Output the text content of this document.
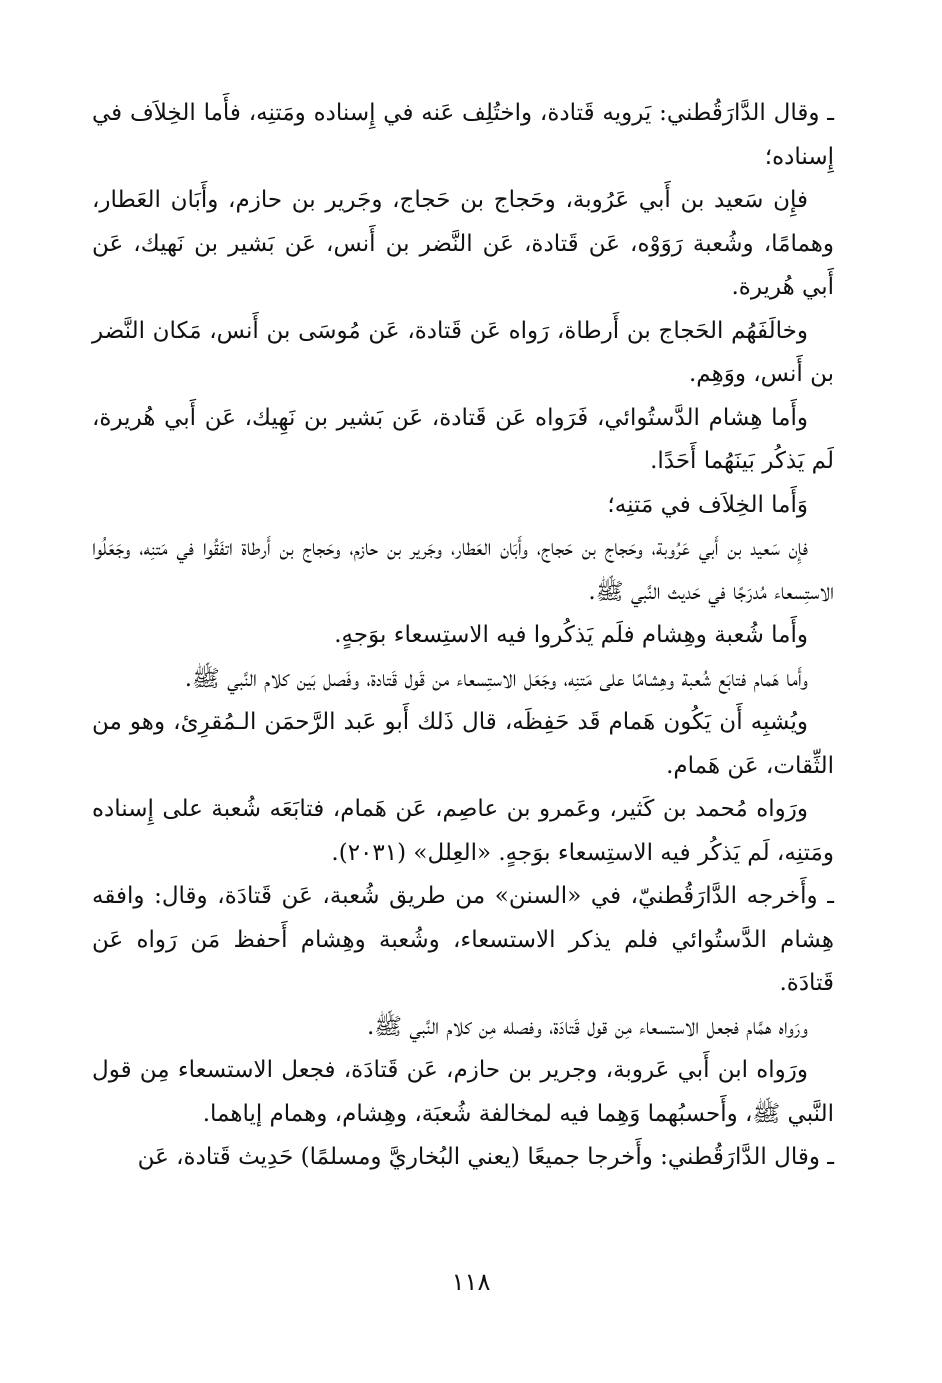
ـ وقال الدَّارَقُطني: يَرويه قَتادة، واختُلِف عَنه في إِسناده ومَتنِه، فأَما الخِلاَف في إِسناده؛

فإِن سَعيد بن أَبي عَرُوبة، وحَجاج بن حَجاج، وجَرير بن حازم، وأَبَان العَطار، وهمامًا، وشُعبة رَوَوْه، عَن قَتادة، عَن النَّضر بن أَنس، عَن بَشير بن نَهيك، عَن أَبي هُريرة.

وخالَفَهُم الحَجاج بن أَرطاة، رَواه عَن قَتادة، عَن مُوسَى بن أَنس، مَكان النَّضر بن أَنس، ووَهِم.

وأَما هِشام الدَّستُوائي، فَرَواه عَن قَتادة، عَن بَشير بن نَهِيك، عَن أَبي هُريرة، لَم يَذكُر بَينَهُما أَحَدًا.

وَأَما الخِلاَف في مَتنِه؛

فإِن سَعيد بن أَبي عَرُوبة، وحَجاج بن حَجاج، وأَبَان العَطار، وجَرير بن حازم، وحَجاج بن أَرطاة اتفَقُوا في مَتنِه، وجَعَلُوا الاستِسعاء مُدرَجًا في حَديث النَّبي ﷺ.

وأَما شُعبة وهِشام فلَم يَذكُروا فيه الاستِسعاء بوَجهٍ.

وأَما هَمام فتابَع شُعبة وهِشامًا على مَتنِه، وجَعَل الاستِسعاء من قَول قَتادة، وفَصل بَين كلام النَّبي ﷺ.

ويُشبِه أَن يَكُون هَمام قَد حَفِظَه، قال ذَلك أَبو عَبد الرَّحمَن الـمُقرِئ، وهو من الثِّقات، عَن هَمام.

ورَواه مُحمد بن كَثير، وعَمرو بن عاصِم، عَن هَمام، فتابَعَه شُعبة على إِسناده ومَتنِه، لَم يَذكُر فيه الاستِسعاء بوَجهٍ. «العِلل» (٢٠٣١).

ـ وأَخرجه الدَّارَقُطنيّ، في «السنن» من طريق شُعبة، عَن قَتادَة، وقال: وافقه هِشام الدَّستُوائي فلم يذكر الاستسعاء، وشُعبة وهِشام أَحفظ مَن رَواه عَن قَتادَة.

ورَواه همَّام فجعل الاستسعاء مِن قول قَتادَة، وفصله مِن كلام النَّبي ﷺ.

ورَواه ابن أَبي عَروبة، وجرير بن حازم، عَن قَتادَة، فجعل الاستسعاء مِن قول النَّبي ﷺ، وأَحسبُهما وَهِما فيه لمخالفة شُعبَة، وهِشام، وهمام إياهما.

ـ وقال الدَّارَقُطني: وأَخرجا جميعًا (يعني البُخاريَّ ومسلمًا) حَدِيث قَتادة، عَن

١١٨
